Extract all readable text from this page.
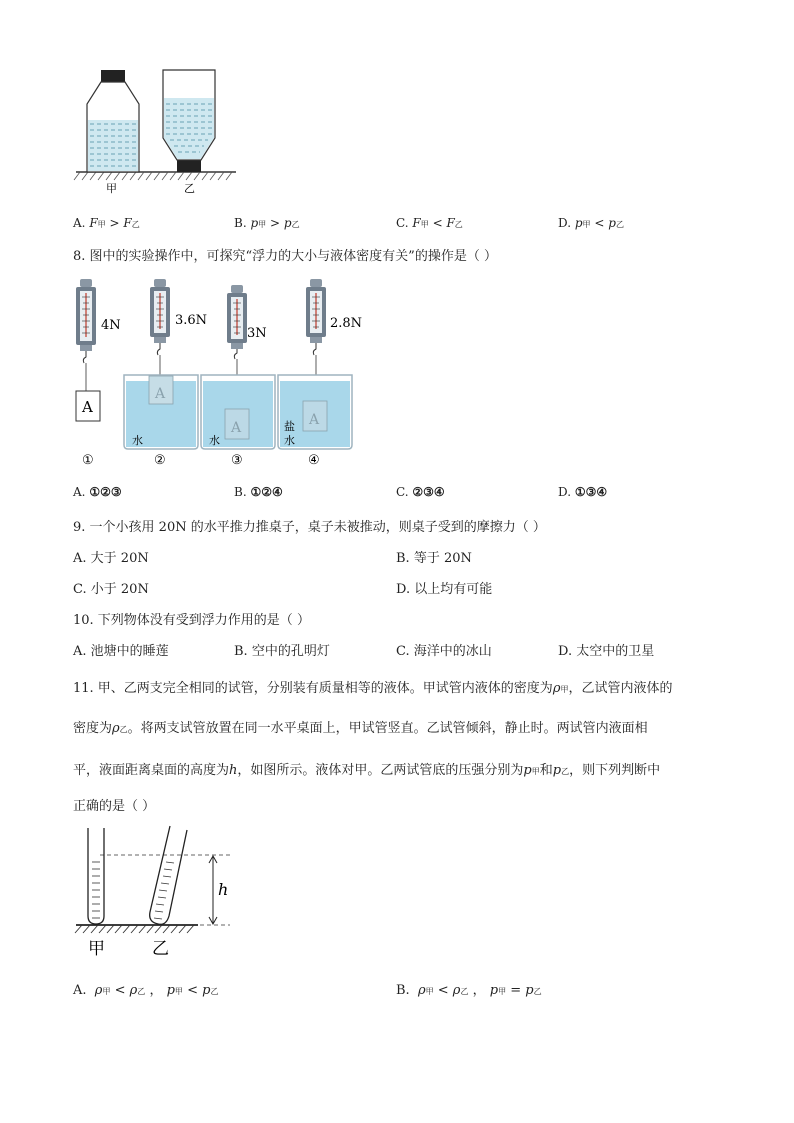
甲	乙
A. F甲 > F乙	B. p甲 > p乙	C. F甲 < F乙	D. p甲 < p乙
8. 图中的实验操作中，可探究“浮力的大小与液体密度有关”的操作是（ ）
A
4N
①
3.6N
A
水
②
3N
A
水
③
2.8N
A
盐
水
④
A. ①②③	B. ①②④	C. ②③④	D. ①③④
9. 一个小孩用 20N 的水平推力推桌子，桌子未被推动，则桌子受到的摩擦力（ ）
A. 大于 20N	B. 等于 20N
C. 小于 20N	D. 以上均有可能
10. 下列物体没有受到浮力作用的是（ ）
A. 池塘中的睡莲	B. 空中的孔明灯	C. 海洋中的冰山	D. 太空中的卫星
11. 甲、乙两支完全相同的试管，分别装有质量相等的液体。甲试管内液体的密度为ρ甲，乙试管内液体的
密度为ρ乙。将两支试管放置在同一水平桌面上，甲试管竖直。乙试管倾斜，静止时。两试管内液面相
平，液面距离桌面的高度为h，如图所示。液体对甲。乙两试管底的压强分别为p甲和p乙，则下列判断中
正确的是（ ）
h
甲	乙
A. ρ甲 < ρ乙 ， p甲 < p乙	B. ρ甲 < ρ乙 ， p甲 = p乙
